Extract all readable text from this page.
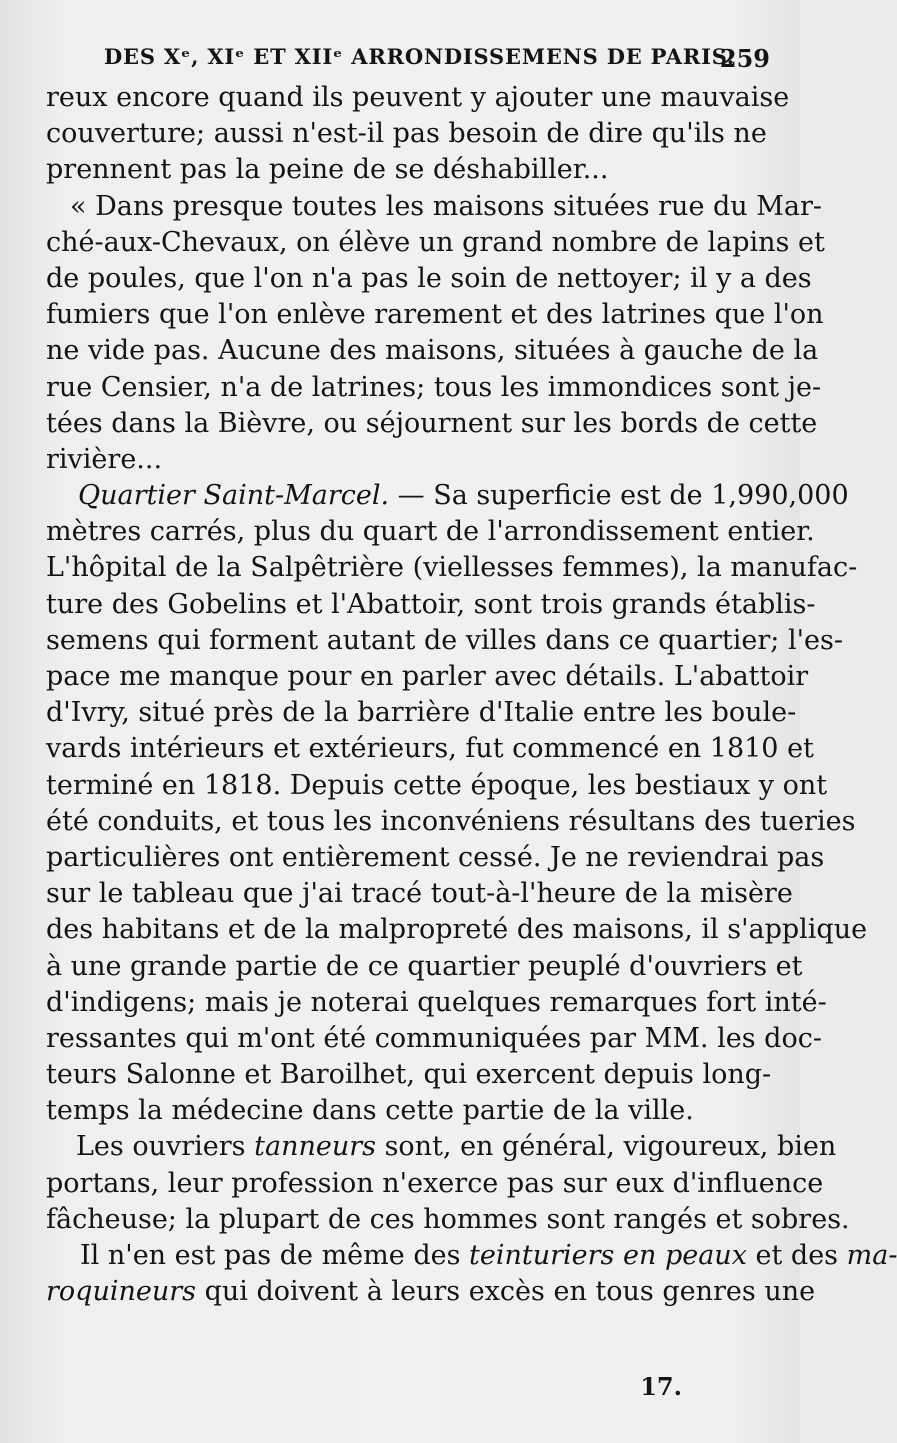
DES Xᵉ, XIᵉ ET XIIᵉ ARRONDISSEMENS DE PARIS.
259
reux encore quand ils peuvent y ajouter une mauvaise
couverture; aussi n'est-il pas besoin de dire qu'ils ne
prennent pas la peine de se déshabiller...
« Dans presque toutes les maisons situées rue du Mar-
ché-aux-Chevaux, on élève un grand nombre de lapins et
de poules, que l'on n'a pas le soin de nettoyer; il y a des
fumiers que l'on enlève rarement et des latrines que l'on
ne vide pas. Aucune des maisons, situées à gauche de la
rue Censier, n'a de latrines; tous les immondices sont je-
tées dans la Bièvre, ou séjournent sur les bords de cette
rivière...
Quartier Saint-Marcel. — Sa superficie est de 1,990,000
mètres carrés, plus du quart de l'arrondissement entier.
L'hôpital de la Salpêtrière (viellesses femmes), la manufac-
ture des Gobelins et l'Abattoir, sont trois grands établis-
semens qui forment autant de villes dans ce quartier; l'es-
pace me manque pour en parler avec détails. L'abattoir
d'Ivry, situé près de la barrière d'Italie entre les boule-
vards intérieurs et extérieurs, fut commencé en 1810 et
terminé en 1818. Depuis cette époque, les bestiaux y ont
été conduits, et tous les inconvéniens résultans des tueries
particulières ont entièrement cessé. Je ne reviendrai pas
sur le tableau que j'ai tracé tout-à-l'heure de la misère
des habitans et de la malpropreté des maisons, il s'applique
à une grande partie de ce quartier peuplé d'ouvriers et
d'indigens; mais je noterai quelques remarques fort inté-
ressantes qui m'ont été communiquées par MM. les doc-
teurs Salonne et Baroilhet, qui exercent depuis long-
temps la médecine dans cette partie de la ville.
Les ouvriers tanneurs sont, en général, vigoureux, bien
portans, leur profession n'exerce pas sur eux d'influence
fâcheuse; la plupart de ces hommes sont rangés et sobres.
Il n'en est pas de même des teinturiers en peaux et des ma-
roquineurs qui doivent à leurs excès en tous genres une
17.
